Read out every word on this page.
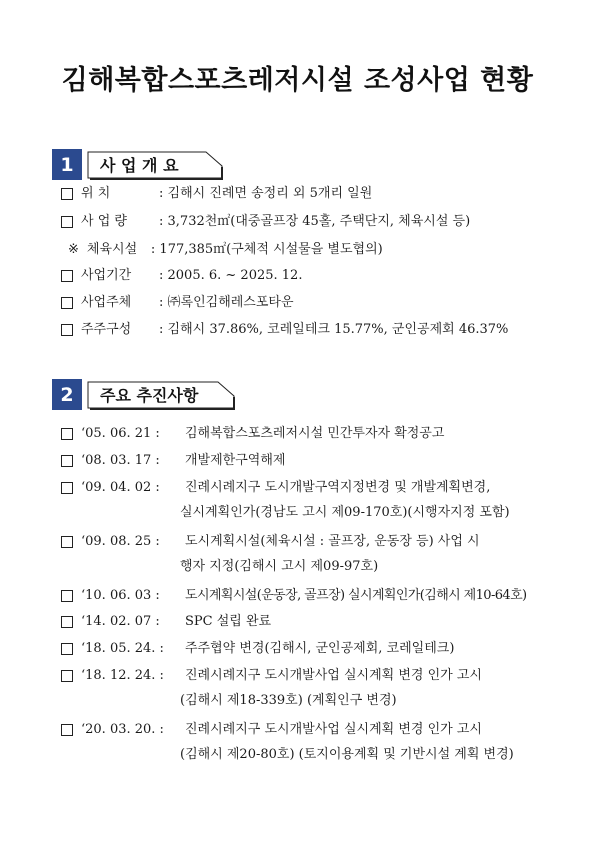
김해복합스포츠레저시설 조성사업 현황
1	사 업 개 요
위 치	: 김해시 진례면 송정리 외 5개리 일원
사 업 량	: 3,732천㎡(대중골프장 45홀, 주택단지, 체육시설 등)
※ 체육시설	: 177,385㎡(구체적 시설물을 별도협의)
사업기간	: 2005. 6. ~ 2025. 12.
사업주체	: ㈜록인김해레스포타운
주주구성	: 김해시 37.86%, 코레일테크 15.77%, 군인공제회 46.37%
2	주요 추진사항
‘05. 06. 21 :	김해복합스포츠레저시설 민간투자자 확정공고
‘08. 03. 17 :	개발제한구역해제
‘09. 04. 02 :	진례시례지구 도시개발구역지정변경 및 개발계획변경,
실시계획인가(경남도 고시 제09-170호)(시행자지정 포함)
‘09. 08. 25 :	도시계획시설(체육시설 : 골프장, 운동장 등) 사업 시
행자 지정(김해시 고시 제09-97호)
‘10. 06. 03 :	도시계획시설(운동장, 골프장) 실시계획인가(김해시 제10-64호)
‘14. 02. 07 :	SPC 설립 완료
‘18. 05. 24. :	주주협약 변경(김해시, 군인공제회, 코레일테크)
‘18. 12. 24. :	진례시례지구 도시개발사업 실시계획 변경 인가 고시
(김해시 제18-339호) (계획인구 변경)
‘20. 03. 20. :	진례시례지구 도시개발사업 실시계획 변경 인가 고시
(김해시 제20-80호) (토지이용계획 및 기반시설 계획 변경)
